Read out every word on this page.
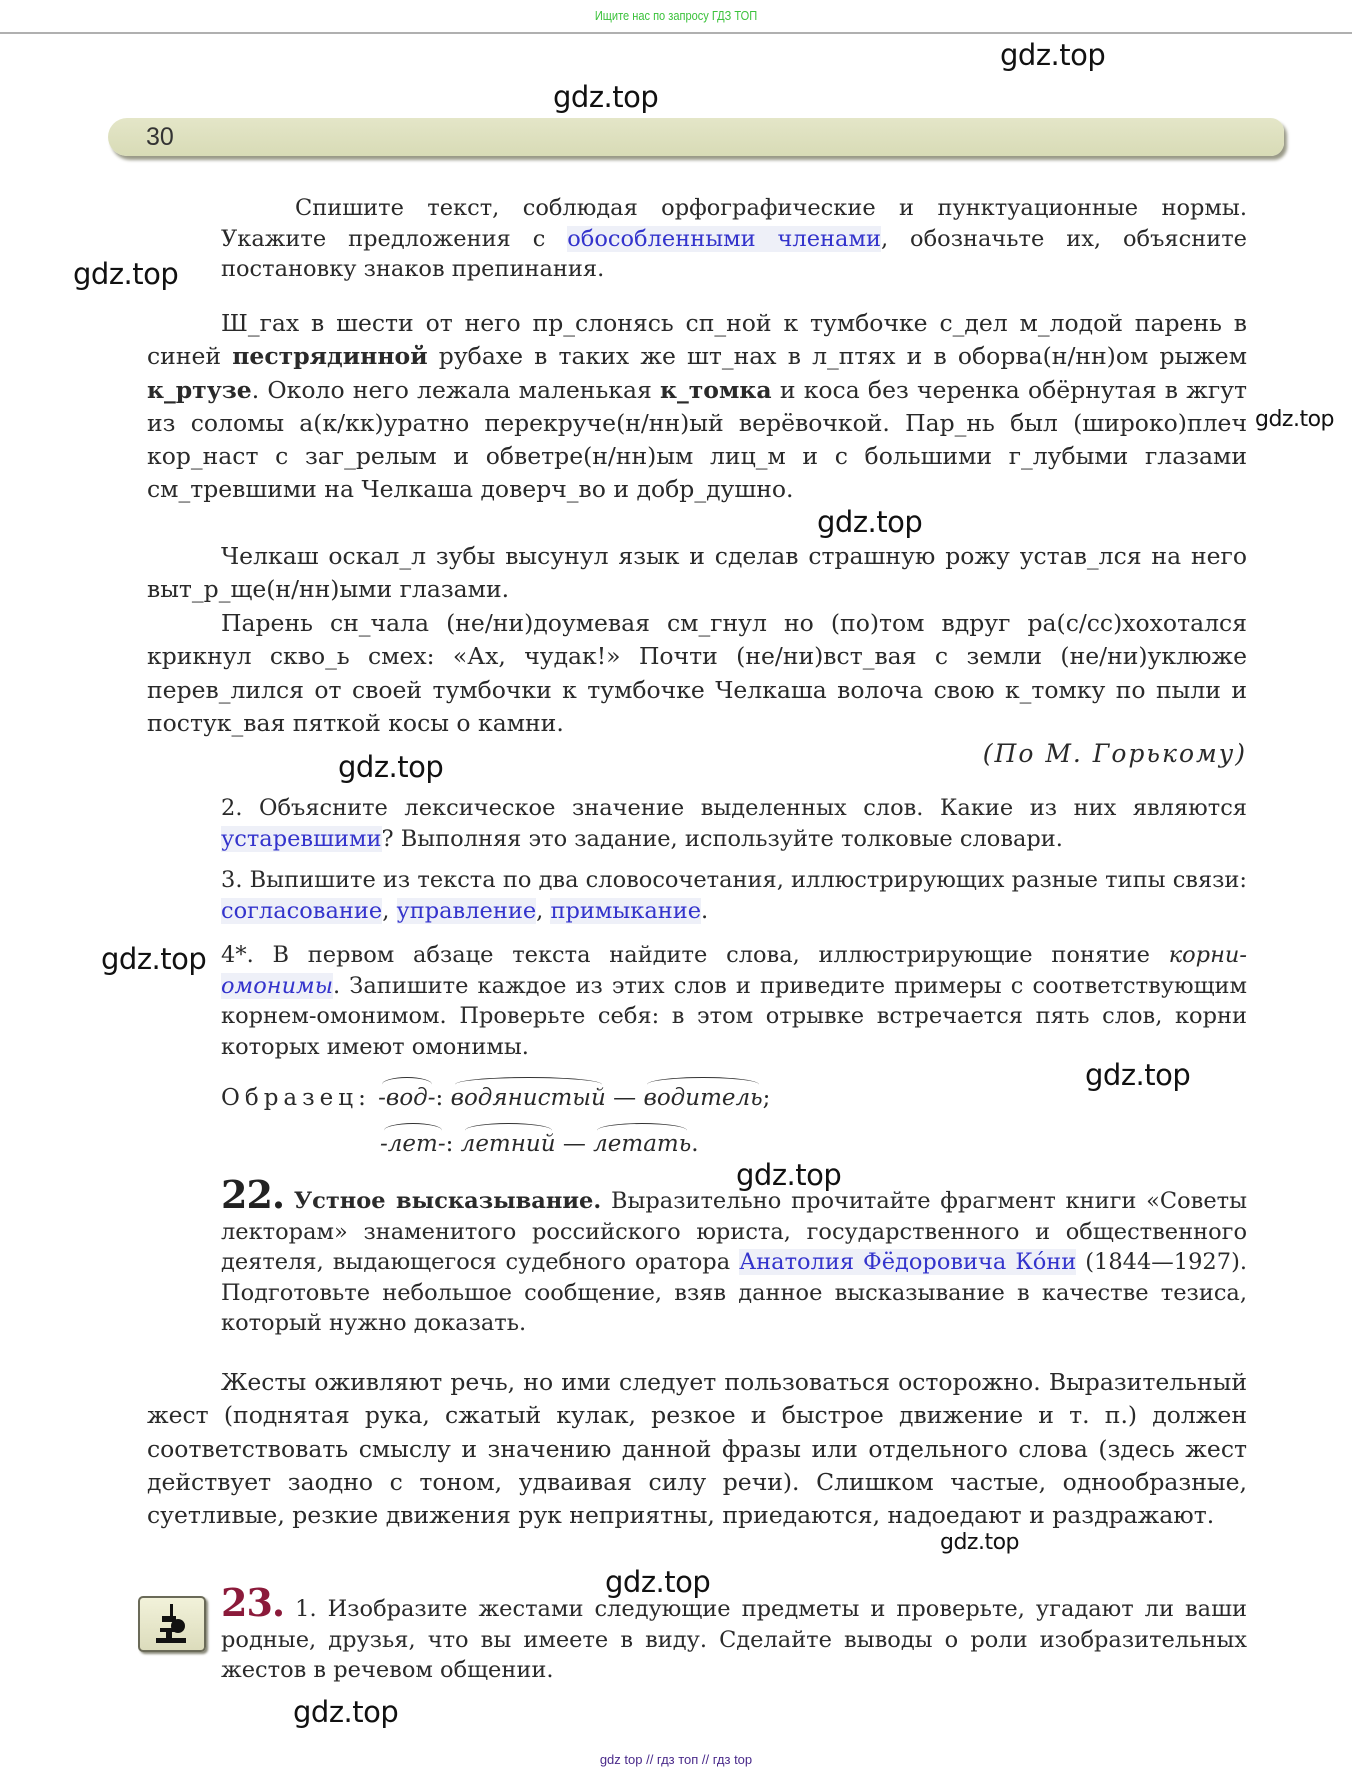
Ищите нас по запросу ГДЗ ТОП
gdz.top
gdz.top
gdz.top
gdz.top
gdz.top
gdz.top
gdz.top
gdz.top
gdz.top
gdz.top
gdz.top
gdz.top
30
Спишите текст, соблюдая орфографические и пунктуационные нормы. Укажите предложения с обособленными членами, обозначьте их, объясните постановку знаков препинания.
Ш_гах в шести от него пр_слонясь сп_ной к тумбочке с_дел м_лодой парень в синей пестрядинной рубахе в таких же шт_нах в л_птях и в оборва(н/нн)ом рыжем к_ртузе. Около него лежала маленькая к_томка и коса без черенка обёрнутая в жгут из соломы а(к/кк)уратно перекруче(н/нн)ый верёвочкой. Пар_нь был (широко)плеч кор_наст с заг_релым и обветре(н/нн)ым лиц_м и с большими г_лубыми глазами см_тревшими на Челкаша доверч_во и добр_душно.
Челкаш оскал_л зубы высунул язык и сделав страшную рожу устав_лся на него выт_р_ще(н/нн)ыми глазами.
Парень сн_чала (не/ни)доумевая см_гнул но (по)том вдруг ра(с/сс)хохотался крикнул скво_ь смех: «Ах, чудак!» Почти (не/ни)вст_вая с земли (не/ни)уклюже перев_лился от своей тумбочки к тумбочке Челкаша волоча свою к_томку по пыли и постук_вая пяткой косы о камни.
(По М. Горькому)
2. Объясните лексическое значение выделенных слов. Какие из них являются устаревшими? Выполняя это задание, используйте толковые словари.
3. Выпишите из текста по два словосочетания, иллюстрирующих разные типы связи: согласование, управление, примыкание.
4*. В первом абзаце текста найдите слова, иллюстрирующие понятие корни-омонимы. Запишите каждое из этих слов и приведите примеры с соответствующим корнем-омонимом. Проверьте себя: в этом отрывке встречается пять слов, корни которых имеют омонимы.
Образец: -вод-: водянистый — водитель;
-лет-: летний — летать.
22. Устное высказывание. Выразительно прочитайте фрагмент книги «Советы лекторам» знаменитого российского юриста, государственного и общественного деятеля, выдающегося судебного оратора Анатолия Фёдоровича Кóни (1844—1927). Подготовьте небольшое сообщение, взяв данное высказывание в качестве тезиса, который нужно доказать.
Жесты оживляют речь, но ими следует пользоваться осторожно. Выразительный жест (поднятая рука, сжатый кулак, резкое и быстрое движение и т. п.) должен соответствовать смыслу и значению данной фразы или отдельного слова (здесь жест действует заодно с тоном, удваивая силу речи). Слишком частые, однообразные, суетливые, резкие движения рук неприятны, приедаются, надоедают и раздражают.
23. 1. Изобразите жестами следующие предметы и проверьте, угадают ли ваши родные, друзья, что вы имеете в виду. Сделайте выводы о роли изобразительных жестов в речевом общении.
gdz top // гдз топ // гдз top
